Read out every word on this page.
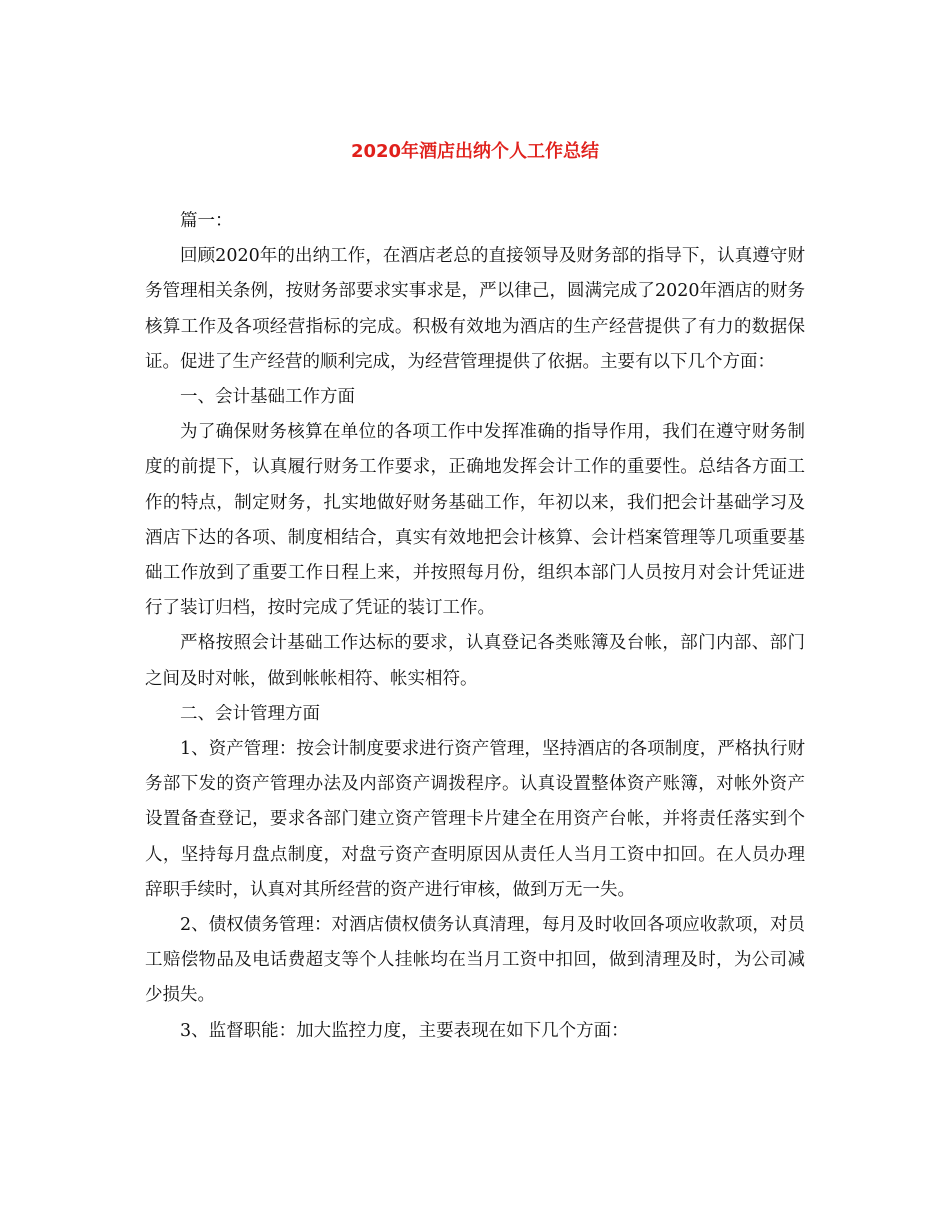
2020年酒店出纳个人工作总结

篇一：

回顾2020年的出纳工作，在酒店老总的直接领导及财务部的指导下，认真遵守财务管理相关条例，按财务部要求实事求是，严以律己，圆满完成了2020年酒店的财务核算工作及各项经营指标的完成。积极有效地为酒店的生产经营提供了有力的数据保证。促进了生产经营的顺利完成，为经营管理提供了依据。主要有以下几个方面：

一、会计基础工作方面

为了确保财务核算在单位的各项工作中发挥准确的指导作用，我们在遵守财务制度的前提下，认真履行财务工作要求，正确地发挥会计工作的重要性。总结各方面工作的特点，制定财务，扎实地做好财务基础工作，年初以来，我们把会计基础学习及酒店下达的各项、制度相结合，真实有效地把会计核算、会计档案管理等几项重要基础工作放到了重要工作日程上来，并按照每月份，组织本部门人员按月对会计凭证进行了装订归档，按时完成了凭证的装订工作。

严格按照会计基础工作达标的要求，认真登记各类账簿及台帐，部门内部、部门之间及时对帐，做到帐帐相符、帐实相符。

二、会计管理方面

1、资产管理：按会计制度要求进行资产管理，坚持酒店的各项制度，严格执行财务部下发的资产管理办法及内部资产调拨程序。认真设置整体资产账簿，对帐外资产设置备查登记，要求各部门建立资产管理卡片建全在用资产台帐，并将责任落实到个人，坚持每月盘点制度，对盘亏资产查明原因从责任人当月工资中扣回。在人员办理辞职手续时，认真对其所经营的资产进行审核，做到万无一失。

2、债权债务管理：对酒店债权债务认真清理，每月及时收回各项应收款项，对员工赔偿物品及电话费超支等个人挂帐均在当月工资中扣回，做到清理及时，为公司减少损失。

3、监督职能：加大监控力度，主要表现在如下几个方面：
